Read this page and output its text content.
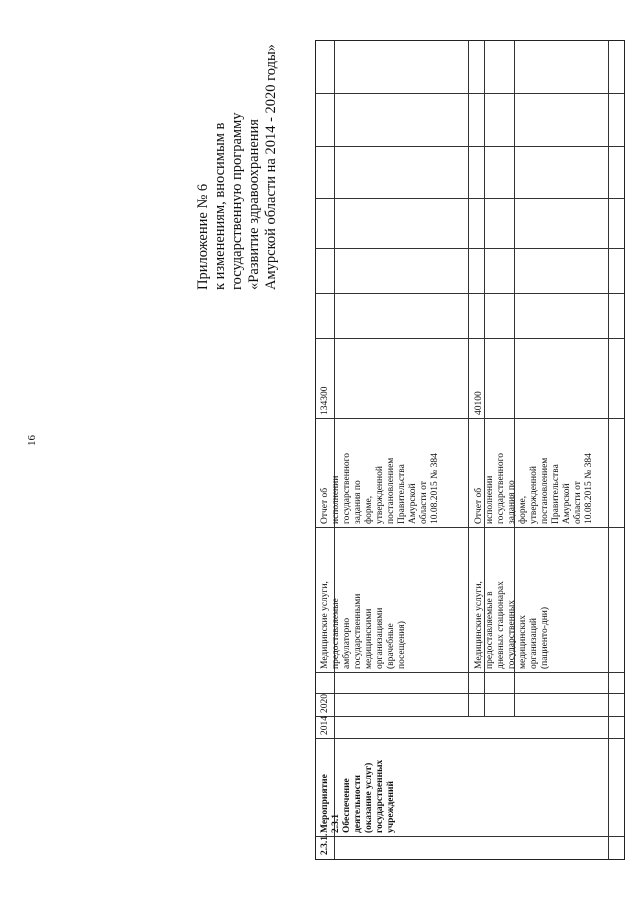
16
Приложение № 6 к изменениям, вносимым в государственную программу «Развитие здравоохранения Амурской области на 2014 - 2020 годы»
2.3.1.
Мероприятие 2.3.1 Обеспечение деятельности (оказание услуг) государственных учреждений
2014
2020
Медицинские услуги, предоставляемые амбулаторно государственными медицинскими организациями (врачебные посещения)
Отчет об исполнении государственного задания по форме, утвержденной постановлением Правительства Амурской области от 10.08.2015 № 384
134300
Медицинские услуги, предоставляемые в дневных стационарах государственных медицинских организаций (пациенто-дни)
Отчет об исполнении государственного задания по форме, утвержденной постановлением Правительства Амурской области от 10.08.2015 № 384
40100
